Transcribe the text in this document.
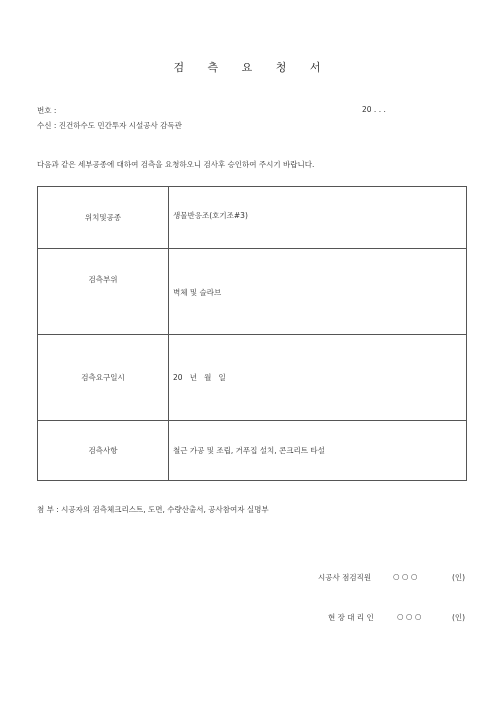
검 측 요 청 서
번호 :	20 . . .
수신 : 진건하수도 민간투자 시설공사 감독관
다음과 같은 세부공종에 대하여 검측을 요청하오니 검사후 승인하여 주시기 바랍니다.
위치및공종	생물반응조(호기조#3)
검측부위	벽체 및 슬라브
검측요구일시	20   년   월   일
검측사항	철근 가공 및 조립, 거푸집 설치, 콘크리트 타설
첨 부 : 시공자의 검측체크리스트, 도면, 수량산출서, 공사참여자 실명부
시공사 점검직원	○ ○ ○	(인)
현 장 대 리 인	○ ○ ○	(인)
